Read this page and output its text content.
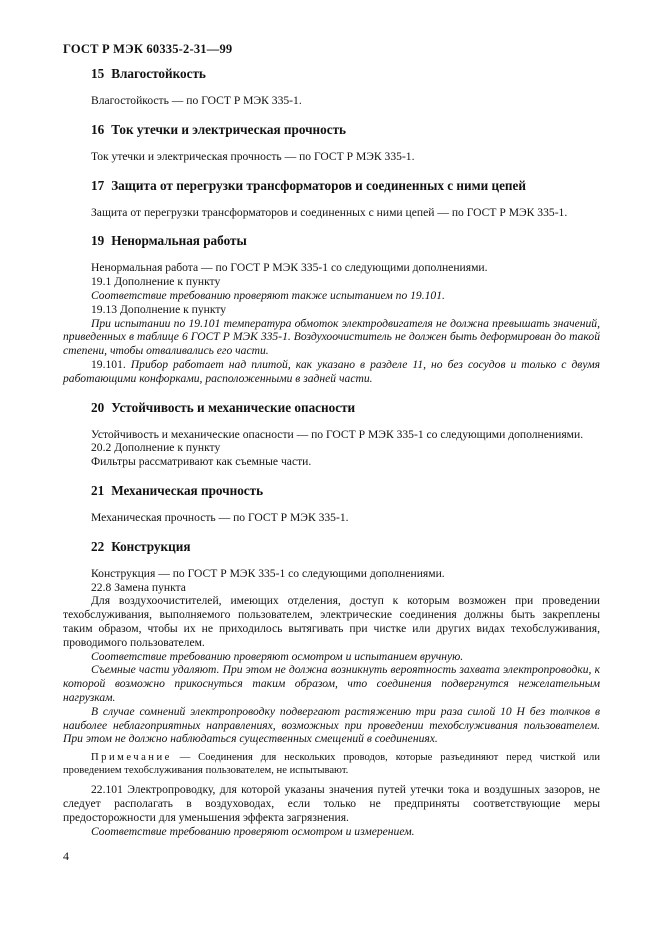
ГОСТ Р МЭК 60335-2-31—99
15 Влагостойкость

Влагостойкость — по ГОСТ Р МЭК 335-1.

16 Ток утечки и электрическая прочность

Ток утечки и электрическая прочность — по ГОСТ Р МЭК 335-1.

17 Защита от перегрузки трансформаторов и соединенных с ними цепей

Защита от перегрузки трансформаторов и соединенных с ними цепей — по ГОСТ Р МЭК 335-1.

19 Ненормальная работы

Ненормальная работа — по ГОСТ Р МЭК 335-1 со следующими дополнениями.

19.1 Дополнение к пункту

Соответствие требованию проверяют также испытанием по 19.101.

19.13 Дополнение к пункту

При испытании по 19.101 температура обмоток электродвигателя не должна превышать значений, приведенных в таблице 6 ГОСТ Р МЭК 335-1. Воздухоочиститель не должен быть деформирован до такой степени, чтобы отваливались его части.

19.101. Прибор работает над плитой, как указано в разделе 11, но без сосудов и только с двумя работающими конфорками, расположенными в задней части.

20 Устойчивость и механические опасности

Устойчивость и механические опасности — по ГОСТ Р МЭК 335-1 со следующими дополнениями.

20.2 Дополнение к пункту

Фильтры рассматривают как съемные части.

21 Механическая прочность

Механическая прочность — по ГОСТ Р МЭК 335-1.

22 Конструкция

Конструкция — по ГОСТ Р МЭК 335-1 со следующими дополнениями.

22.8 Замена пункта

Для воздухоочистителей, имеющих отделения, доступ к которым возможен при проведении техобслуживания, выполняемого пользователем, электрические соединения должны быть закреплены таким образом, чтобы их не приходилось вытягивать при чистке или других видах техобслуживания, проводимого пользователем.

Соответствие требованию проверяют осмотром и испытанием вручную.

Съемные части удаляют. При этом не должна возникнуть вероятность захвата электропроводки, к которой возможно прикоснуться таким образом, что соединения подвергнутся нежелательным нагрузкам.

В случае сомнений электропроводку подвергают растяжению три раза силой 10 Н без толчков в наиболее неблагоприятных направлениях, возможных при проведении техобслуживания пользователем. При этом не должно наблюдаться существенных смещений в соединениях.

Примечание — Соединения для нескольких проводов, которые разъединяют перед чисткой или проведением техобслуживания пользователем, не испытывают.

22.101 Электропроводку, для которой указаны значения путей утечки тока и воздушных зазоров, не следует располагать в воздуховодах, если только не предприняты соответствующие меры предосторожности для уменьшения эффекта загрязнения.

Соответствие требованию проверяют осмотром и измерением.

4
